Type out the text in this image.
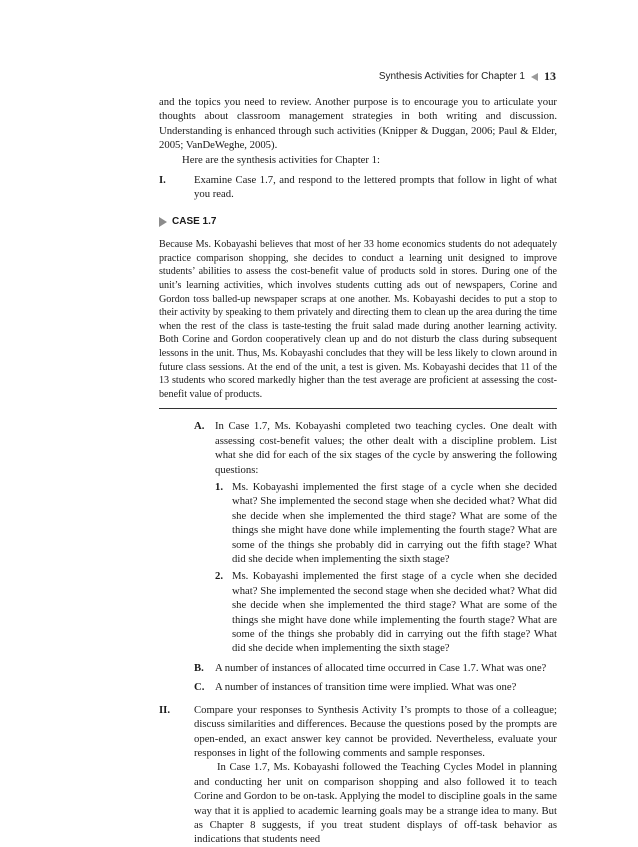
Synthesis Activities for Chapter 1 13

and the topics you need to review. Another purpose is to encourage you to articulate your thoughts about classroom management strategies in both writing and discussion. Understanding is enhanced through such activities (Knipper & Duggan, 2006; Paul & Elder, 2005; VanDeWeghe, 2005).

Here are the synthesis activities for Chapter 1:

I.	Examine Case 1.7, and respond to the lettered prompts that follow in light of what you read.
CASE 1.7
Because Ms. Kobayashi believes that most of her 33 home economics students do not adequately practice comparison shopping, she decides to conduct a learning unit designed to improve students’ abilities to assess the cost-benefit value of products sold in stores. During one of the unit’s learning activities, which involves students cutting ads out of newspapers, Corine and Gordon toss balled-up newspaper scraps at one another. Ms. Kobayashi decides to put a stop to their activity by speaking to them privately and directing them to clean up the area during the time when the rest of the class is taste-testing the fruit salad made during another learning activity. Both Corine and Gordon cooperatively clean up and do not disturb the class during subsequent lessons in the unit. Thus, Ms. Kobayashi concludes that they will be less likely to clown around in future class sessions. At the end of the unit, a test is given. Ms. Kobayashi decides that 11 of the 13 students who scored markedly higher than the test average are proficient at assessing the cost-benefit value of products.
A. In Case 1.7, Ms. Kobayashi completed two teaching cycles. One dealt with assessing cost-benefit values; the other dealt with a discipline problem. List what she did for each of the six stages of the cycle by answering the following questions:
1. Ms. Kobayashi implemented the first stage of a cycle when she decided what? She implemented the second stage when she decided what? What did she decide when she implemented the third stage? What are some of the things she might have done while implementing the fourth stage? What are some of the things she probably did in carrying out the fifth stage? What did she decide when implementing the sixth stage?
2. Ms. Kobayashi implemented the first stage of a cycle when she decided what? She implemented the second stage when she decided what? What did she decide when she implemented the third stage? What are some of the things she might have done while implementing the fourth stage? What are some of the things she probably did in carrying out the fifth stage? What did she decide when implementing the sixth stage?
B.	A number of instances of allocated time occurred in Case 1.7. What was one?
C. A number of instances of transition time were implied. What was one?
II.	Compare your responses to Synthesis Activity I’s prompts to those of a colleague; discuss similarities and differences. Because the questions posed by the prompts are open-ended, an exact answer key cannot be provided. Nevertheless, evaluate your responses in light of the following comments and sample responses.

In Case 1.7, Ms. Kobayashi followed the Teaching Cycles Model in planning and conducting her unit on comparison shopping and also followed it to teach Corine and Gordon to be on-task. Applying the model to discipline goals in the same way that it is applied to academic learning goals may be a strange idea to many. But as Chapter 8 suggests, if you treat student displays of off-task behavior as indications that students need
